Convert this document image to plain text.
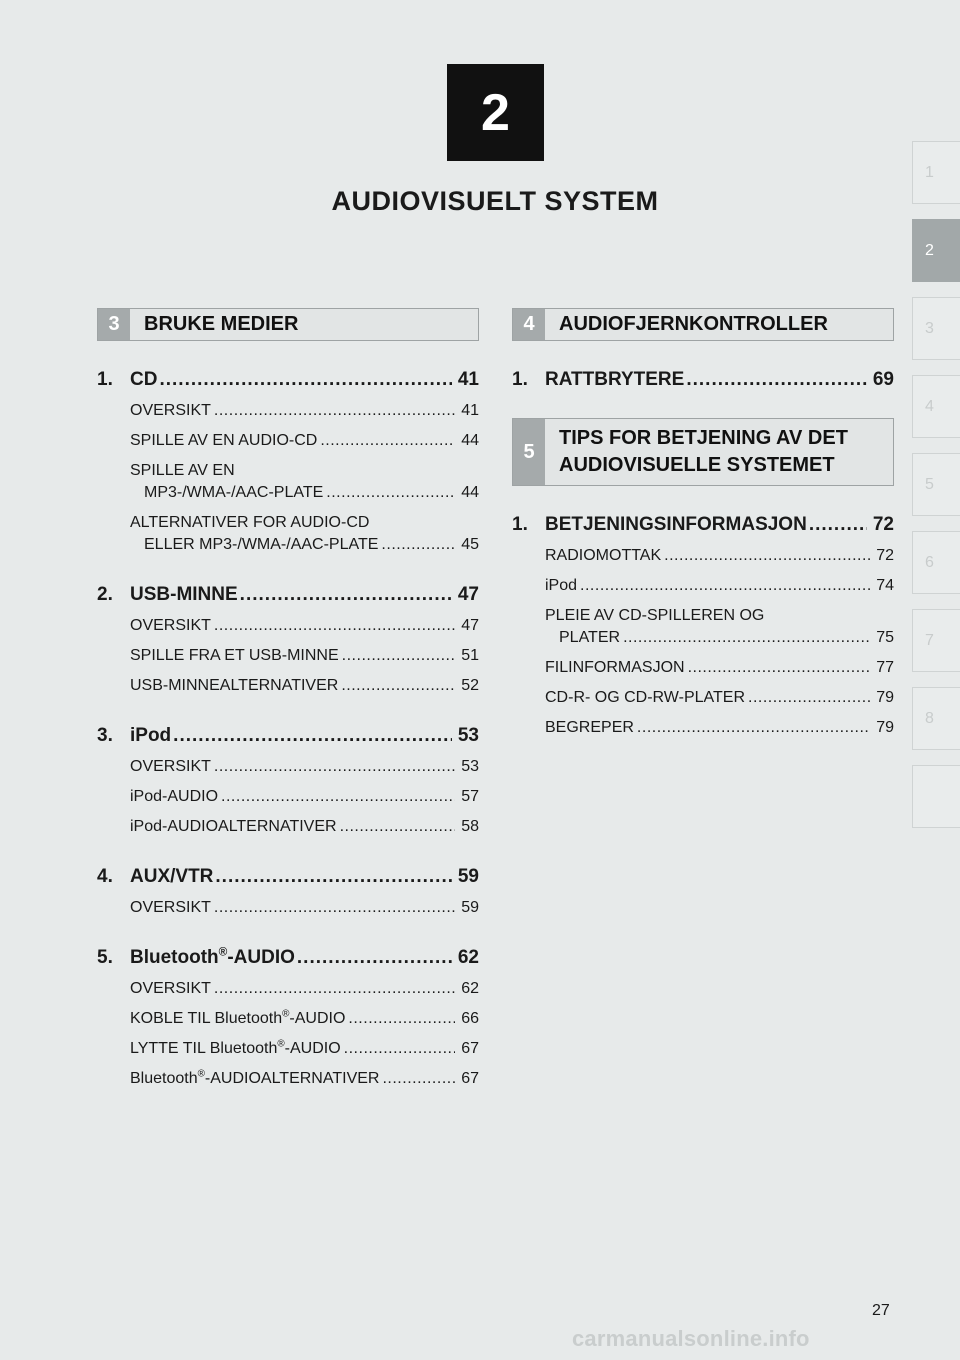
2
AUDIOVISUELT SYSTEM
1
2
3
4
5
6
7
8
3	BRUKE MEDIER
1. CD .....	41
OVERSIKT .....	41
SPILLE AV EN AUDIO-CD .....	44
SPILLE AV EN
MP3-/WMA-/AAC-PLATE .....	44
ALTERNATIVER FOR AUDIO-CD
ELLER MP3-/WMA-/AAC-PLATE .....	45
2. USB-MINNE .....	47
OVERSIKT .....	47
SPILLE FRA ET USB-MINNE .....	51
USB-MINNEALTERNATIVER .....	52
3. iPod .....	53
OVERSIKT .....	53
iPod-AUDIO .....	57
iPod-AUDIOALTERNATIVER .....	58
4. AUX/VTR .....	59
OVERSIKT .....	59
5. Bluetooth®-AUDIO .....	62
OVERSIKT .....	62
KOBLE TIL Bluetooth®-AUDIO .....	66
LYTTE TIL Bluetooth®-AUDIO .....	67
Bluetooth®-AUDIOALTERNATIVER .....	67
4	AUDIOFJERNKONTROLLER
1. RATTBRYTERE .....	69
5
TIPS FOR BETJENING AV DET
AUDIOVISUELLE SYSTEMET
1. BETJENINGSINFORMASJON .....	72
RADIOMOTTAK .....	72
iPod .....	74
PLEIE AV CD-SPILLEREN OG
PLATER .....	75
FILINFORMASJON .....	77
CD-R- OG CD-RW-PLATER .....	79
BEGREPER .....	79
27
carmanualsonline.info
